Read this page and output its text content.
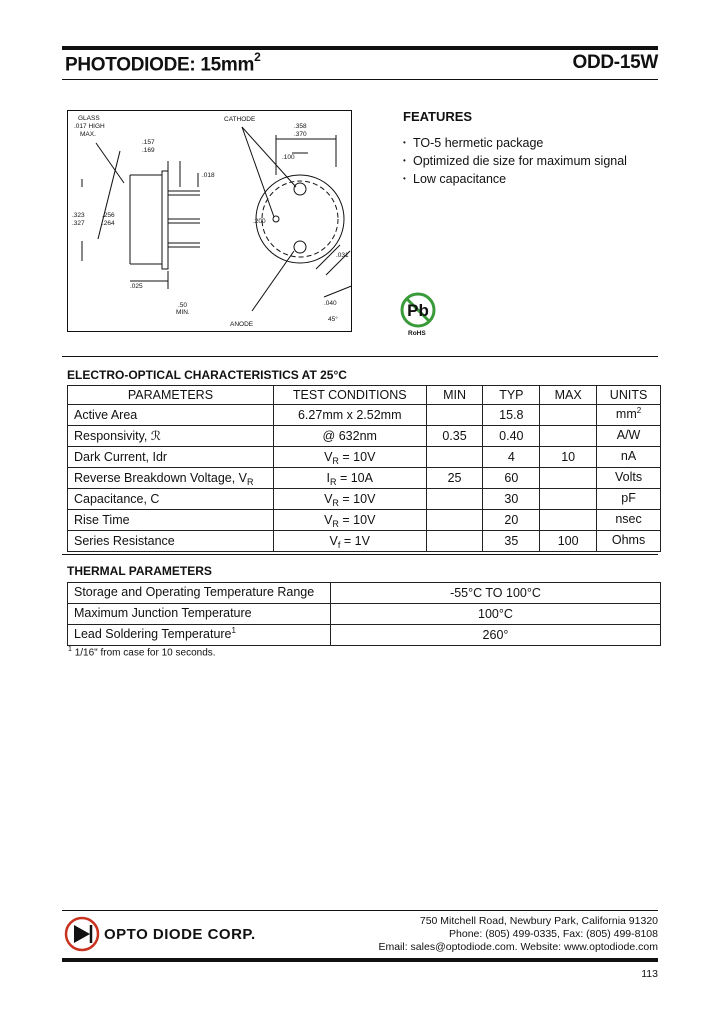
PHOTODIODE: $15mm^2$	ODD-15W
GLASS
.017 HIGH
MAX.
.157
.169
.018
.323
.327
.256
.264
.025
.50
MIN.
CATHODE
.358
.370
.100
.200
.031
.040
45°
ANODE
FEATURES
• TO-5 hermetic package
• Optimized die size for maximum signal
• Low capacitance
Pb
RoHS
ELECTRO-OPTICAL CHARACTERISTICS AT 25°C
PARAMETERS	TEST CONDITIONS	MIN	TYP	MAX	UNITS
Active Area	6.27mm x 2.52mm		15.8		$mm^2$
Responsivity, ℛ	@ 632nm	0.35	0.40		A/W
Dark Current, Idr	$V_R = 10V$		4	10	nA
Reverse Breakdown Voltage, $V_R$	$I_R = 10A$	25	60		Volts
Capacitance, C	$V_R = 10V$		30		pF
Rise Time	$V_R = 10V$		20		nsec
Series Resistance	$V_f = 1V$		35	100	Ohms
THERMAL PARAMETERS
Storage and Operating Temperature Range	-55°C TO 100°C
Maximum Junction Temperature	100°C
Lead Soldering Temperature$^1$	260°
$^1$ 1/16" from case for 10 seconds.
OPTO DIODE CORP.
750 Mitchell Road, Newbury Park, California 91320
Phone: (805) 499-0335, Fax: (805) 499-8108
Email: sales@optodiode.com. Website: www.optodiode.com
113
